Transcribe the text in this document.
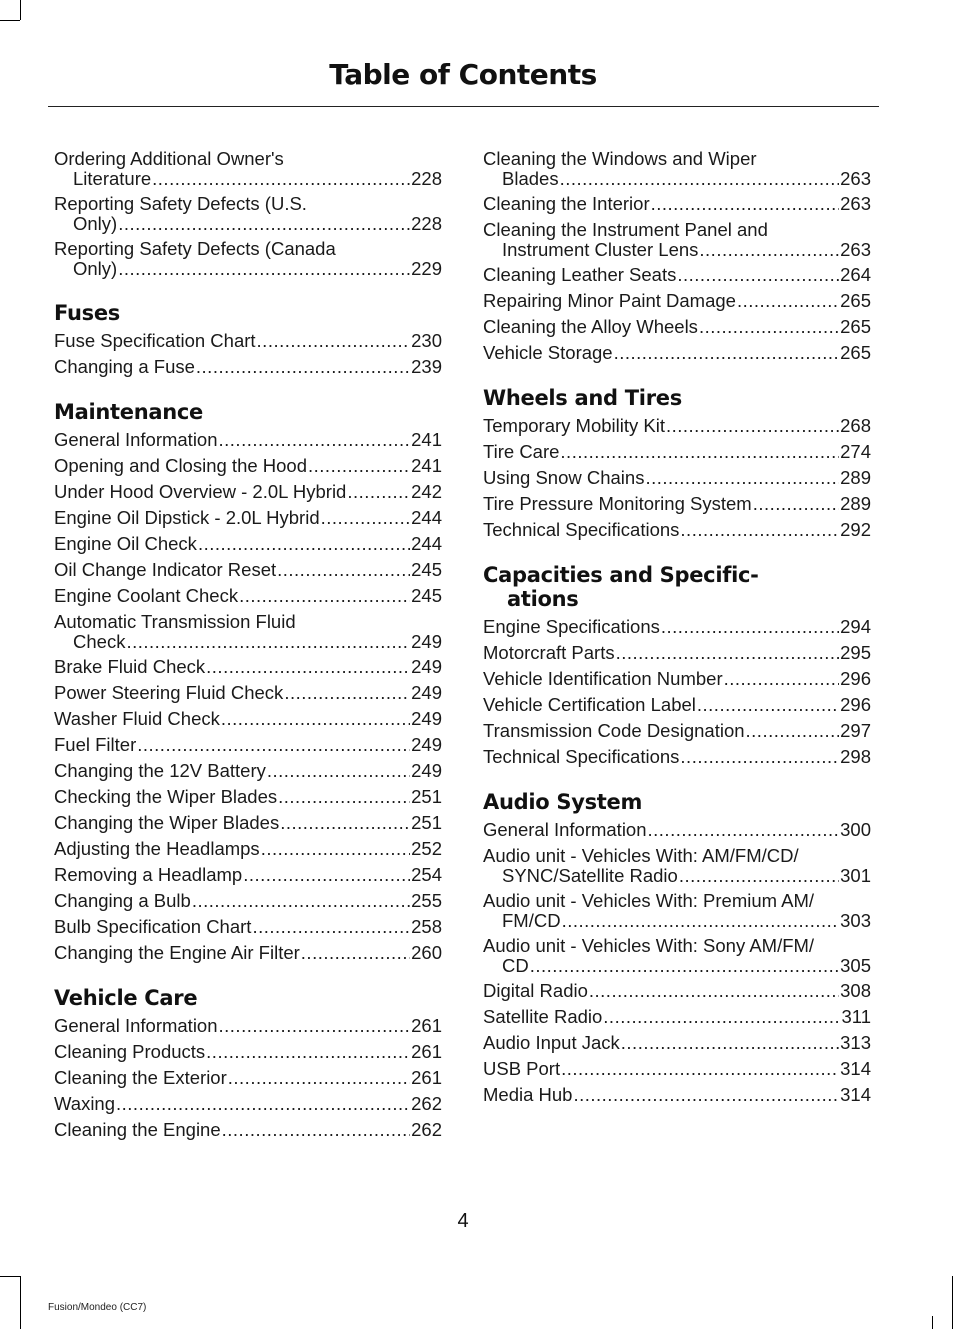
Table of Contents
Ordering Additional Owner's
Literature .....	228
Reporting Safety Defects (U.S.
Only) .....	228
Reporting Safety Defects (Canada
Only) .....	229
Fuses
Fuse Specification Chart .....	230
Changing a Fuse .....	239
Maintenance
General Information .....	241
Opening and Closing the Hood .....	241
Under Hood Overview - 2.0L Hybrid .....	242
Engine Oil Dipstick - 2.0L Hybrid .....	244
Engine Oil Check .....	244
Oil Change Indicator Reset .....	245
Engine Coolant Check .....	245
Automatic Transmission Fluid
Check .....	249
Brake Fluid Check .....	249
Power Steering Fluid Check .....	249
Washer Fluid Check .....	249
Fuel Filter .....	249
Changing the 12V Battery .....	249
Checking the Wiper Blades .....	251
Changing the Wiper Blades .....	251
Adjusting the Headlamps .....	252
Removing a Headlamp .....	254
Changing a Bulb .....	255
Bulb Specification Chart .....	258
Changing the Engine Air Filter .....	260
Vehicle Care
General Information .....	261
Cleaning Products .....	261
Cleaning the Exterior .....	261
Waxing .....	262
Cleaning the Engine .....	262
Cleaning the Windows and Wiper
Blades .....	263
Cleaning the Interior .....	263
Cleaning the Instrument Panel and
Instrument Cluster Lens .....	263
Cleaning Leather Seats .....	264
Repairing Minor Paint Damage .....	265
Cleaning the Alloy Wheels .....	265
Vehicle Storage .....	265
Wheels and Tires
Temporary Mobility Kit .....	268
Tire Care .....	274
Using Snow Chains .....	289
Tire Pressure Monitoring System .....	289
Technical Specifications .....	292
Capacities and Specific-
ations
Engine Specifications .....	294
Motorcraft Parts .....	295
Vehicle Identification Number .....	296
Vehicle Certification Label .....	296
Transmission Code Designation .....	297
Technical Specifications .....	298
Audio System
General Information .....	300
Audio unit - Vehicles With: AM/FM/CD/
SYNC/Satellite Radio .....	301
Audio unit - Vehicles With: Premium AM/
FM/CD .....	303
Audio unit - Vehicles With: Sony AM/FM/
CD .....	305
Digital Radio .....	308
Satellite Radio .....	311
Audio Input Jack .....	313
USB Port .....	314
Media Hub .....	314
4
Fusion/Mondeo (CC7)
